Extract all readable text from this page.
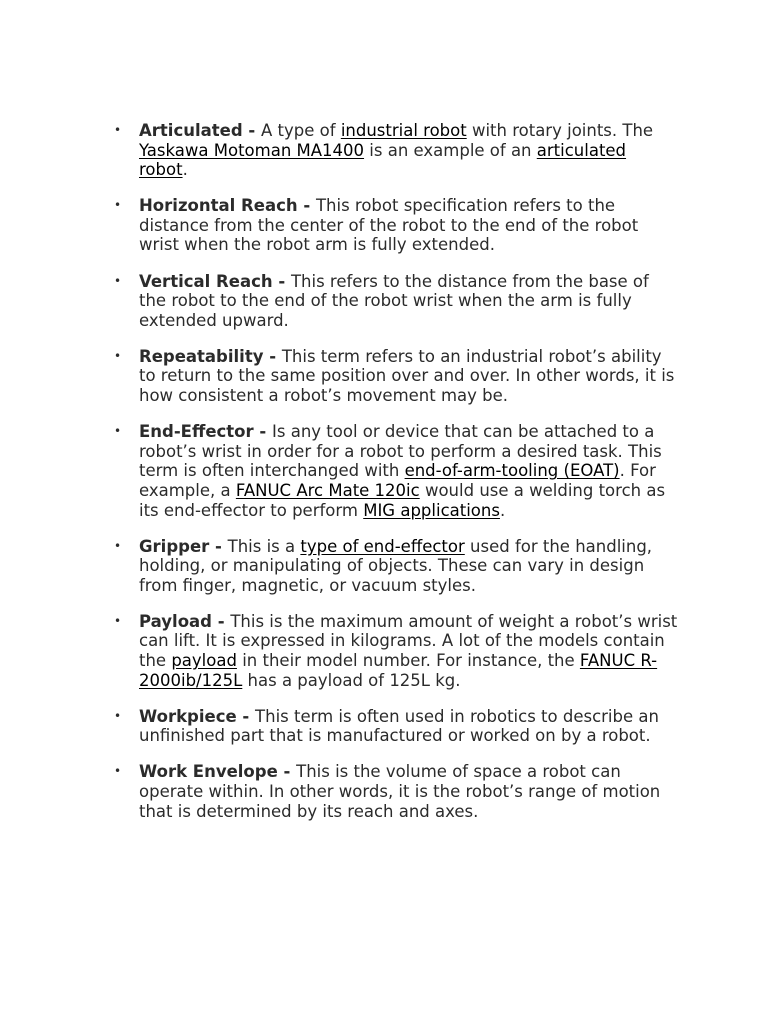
• Articulated - A type of industrial robot with rotary joints. The Yaskawa Motoman MA1400 is an example of an articulated robot.
• Horizontal Reach - This robot specification refers to the distance from the center of the robot to the end of the robot wrist when the robot arm is fully extended.
• Vertical Reach - This refers to the distance from the base of the robot to the end of the robot wrist when the arm is fully extended upward.
• Repeatability - This term refers to an industrial robot’s ability to return to the same position over and over. In other words, it is how consistent a robot’s movement may be.
• End-Effector - Is any tool or device that can be attached to a robot’s wrist in order for a robot to perform a desired task. This term is often interchanged with end-of-arm-tooling (EOAT). For example, a FANUC Arc Mate 120ic would use a welding torch as its end-effector to perform MIG applications.
• Gripper - This is a type of end-effector used for the handling, holding, or manipulating of objects. These can vary in design from finger, magnetic, or vacuum styles.
• Payload - This is the maximum amount of weight a robot’s wrist can lift. It is expressed in kilograms. A lot of the models contain the payload in their model number. For instance, the FANUC R-2000ib/125L has a payload of 125L kg.
• Workpiece - This term is often used in robotics to describe an unfinished part that is manufactured or worked on by a robot.
• Work Envelope - This is the volume of space a robot can operate within. In other words, it is the robot’s range of motion that is determined by its reach and axes.
